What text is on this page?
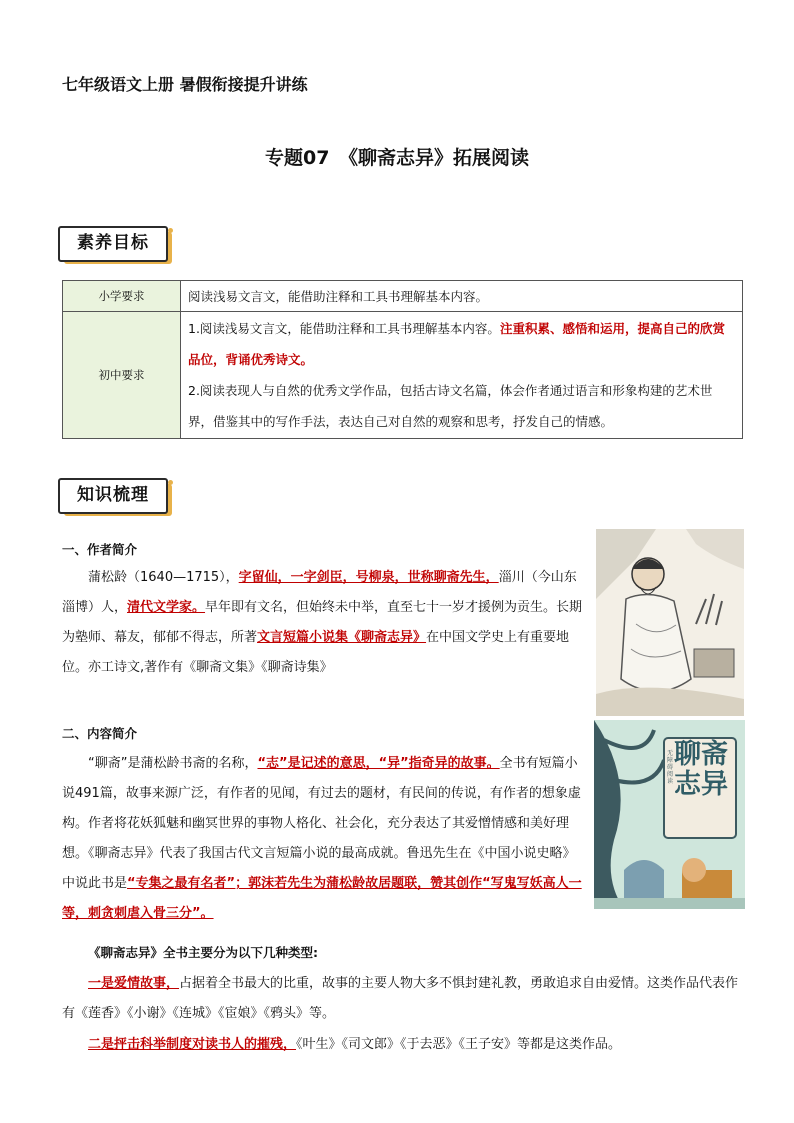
七年级语文上册 暑假衔接提升讲练
专题07　《聊斋志异》拓展阅读
素养目标
小学要求	阅读浅易文言文，能借助注释和工具书理解基本内容。
初中要求	1.阅读浅易文言文，能借助注释和工具书理解基本内容。注重积累、感悟和运用，提高自己的欣赏品位，背诵优秀诗文。
2.阅读表现人与自然的优秀文学作品，包括古诗文名篇，体会作者通过语言和形象构建的艺术世界，借鉴其中的写作手法，表达自己对自然的观察和思考，抒发自己的情感。
知识梳理
一、作者简介
蒲松龄（1640—1715），字留仙，一字剑臣，号柳泉，世称聊斋先生，淄川（今山东淄博）人，清代文学家。早年即有文名，但始终未中举，直至七十一岁才援例为贡生。长期为塾师、幕友，郁郁不得志，所著文言短篇小说集《聊斋志异》在中国文学史上有重要地位。亦工诗文,著作有《聊斋文集》《聊斋诗集》
二、内容简介
“聊斋”是蒲松龄书斋的名称，“志”是记述的意思，“异”指奇异的故事。全书有短篇小说491篇，故事来源广泛，有作者的见闻，有过去的题材，有民间的传说，有作者的想象虚构。作者将花妖狐魅和幽冥世界的事物人格化、社会化，充分表达了其爱憎情感和美好理想。《聊斋志异》代表了我国古代文言短篇小说的最高成就。鲁迅先生在《中国小说史略》中说此书是“专集之最有名者”；郭沫若先生为蒲松龄故居题联，赞其创作“写鬼写妖高人一等，刺贪刺虐入骨三分”。
聊斋志异
无障碍阅读
《聊斋志异》全书主要分为以下几种类型:
一是爱情故事，占据着全书最大的比重，故事的主要人物大多不惧封建礼教，勇敢追求自由爱情。这类作品代表作有《莲香》《小谢》《连城》《宦娘》《鸦头》等。
二是抨击科举制度对读书人的摧残，《叶生》《司文郎》《于去恶》《王子安》等都是这类作品。
